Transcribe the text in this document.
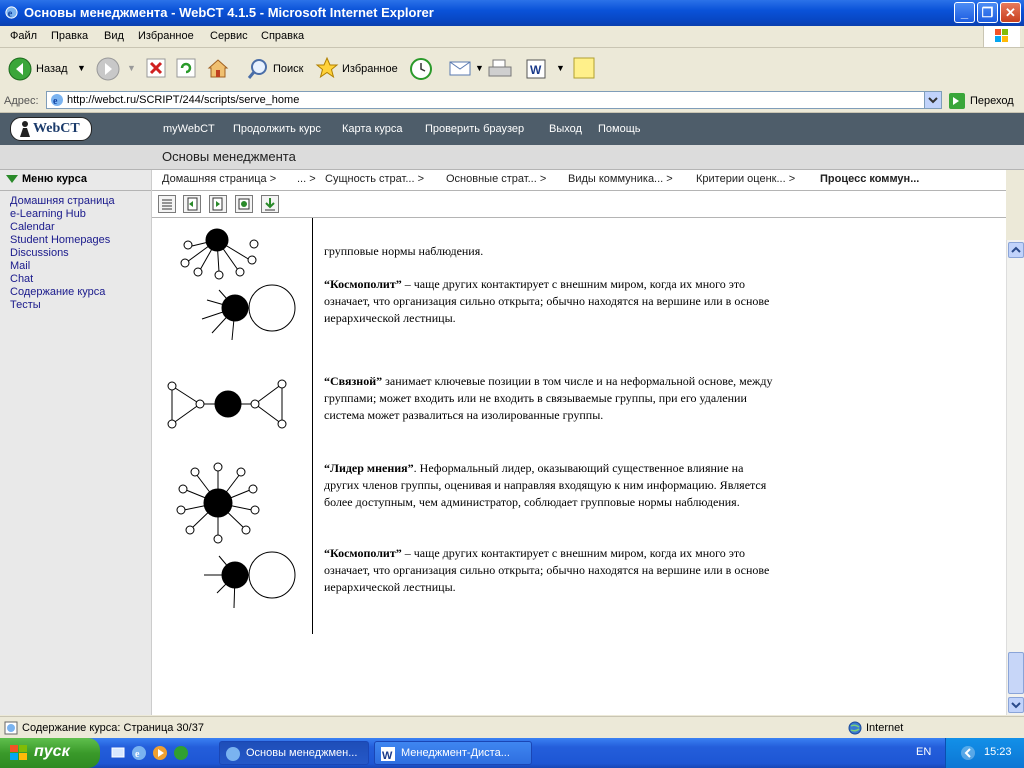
e Основы менеджмента - WebCT 4.1.5 - Microsoft Internet Explorer	_	❐ ✕
Файл Правка Вид Избранное Сервис Справка
Назад ▼	▼	Поиск	Избранное	▼	W ▼
Адрес: e
http://webct.ru/SCRIPT/244/scripts/serve_home	Переход
WebCT	myWebCT Продолжить курс Карта курса Проверить браузер Выход Помощь
Основы менеджмента
Меню курса
Домашняя страница
e-Learning Hub
Calendar
Student Homepages
Discussions
Mail
Chat
Содержание курса
Тесты
Домашняя страница > ... > Сущность страт... > Основные страт... > Виды коммуника... > Критерии оценк... > Процесс коммун...
групповые нормы наблюдения.
“Космополит” – чаще других контактирует с внешним миром, когда их много это означает, что организация сильно открыта; обычно находятся на вершине или в основе иерархической лестницы.
“Связной” занимает ключевые позиции в том числе и на неформальной основе, между группами; может входить или не входить в связываемые группы, при его удалении система может развалиться на изолированные группы.
“Лидер мнения”. Неформальный лидер, оказывающий существенное влияние на других членов группы, оценивая и направляя входящую к ним информацию. Является более доступным, чем администратор, соблюдает групповые нормы наблюдения.
“Космополит” – чаще других контактирует с внешним миром, когда их много это означает, что организация сильно открыта; обычно находятся на вершине или в основе иерархической лестницы.
Содержание курса: Страница 30/37	Internet
пуск	e	Основы менеджмен... W Менеджмент-Диста...	EN	15:23
